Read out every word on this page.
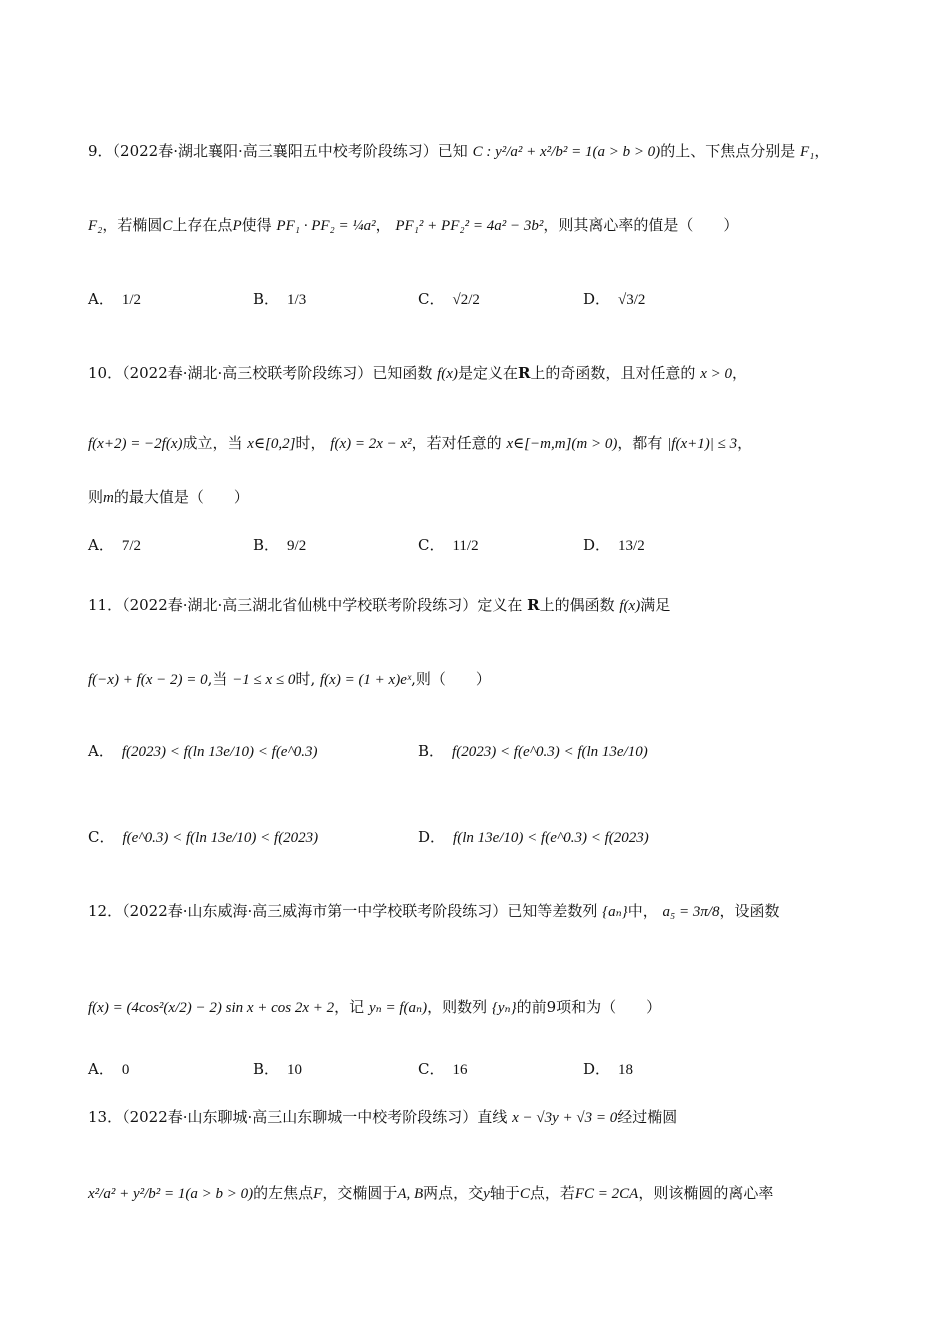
9．（2022春·湖北襄阳·高三襄阳五中校考阶段练习）已知 C : y²/a² + x²/b² = 1(a > b > 0)的上、下焦点分别是 F₁，
F₂，若椭圆C上存在点P使得 PF₁ · PF₂ = ¼a²， PF₁² + PF₂² = 4a² − 3b²，则其离心率的值是（　　）
A． 1/2	B． 1/3	C． √2/2	D． √3/2
10．（2022春·湖北·高三校联考阶段练习）已知函数 f(x)是定义在R上的奇函数，且对任意的 x > 0，
f(x+2) = −2f(x)成立，当 x∈[0,2]时， f(x) = 2x − x²，若对任意的 x∈[−m,m](m > 0)，都有 |f(x+1)| ≤ 3，
则m的最大值是（　　）
A． 7/2	B． 9/2	C． 11/2	D． 13/2
11．（2022春·湖北·高三湖北省仙桃中学校联考阶段练习）定义在 R上的偶函数 f(x)满足
f(−x) + f(x − 2) = 0,当 −1 ≤ x ≤ 0时, f(x) = (1 + x)eˣ,则（　　）
A． f(2023) < f(ln 13e/10) < f(e^0.3)	B． f(2023) < f(e^0.3) < f(ln 13e/10)
C． f(e^0.3) < f(ln 13e/10) < f(2023)	D． f(ln 13e/10) < f(e^0.3) < f(2023)
12．（2022春·山东威海·高三威海市第一中学校联考阶段练习）已知等差数列 {aₙ}中， a₅ = 3π/8，设函数
f(x) = (4cos²(x/2) − 2) sin x + cos 2x + 2，记 yₙ = f(aₙ)，则数列 {yₙ}的前9项和为（　　）
A． 0	B． 10	C． 16	D． 18
13．（2022春·山东聊城·高三山东聊城一中校考阶段练习）直线 x − √3y + √3 = 0经过椭圆
x²/a² + y²/b² = 1(a > b > 0)的左焦点F，交椭圆于A, B两点，交y轴于C点，若FC = 2CA，则该椭圆的离心率
